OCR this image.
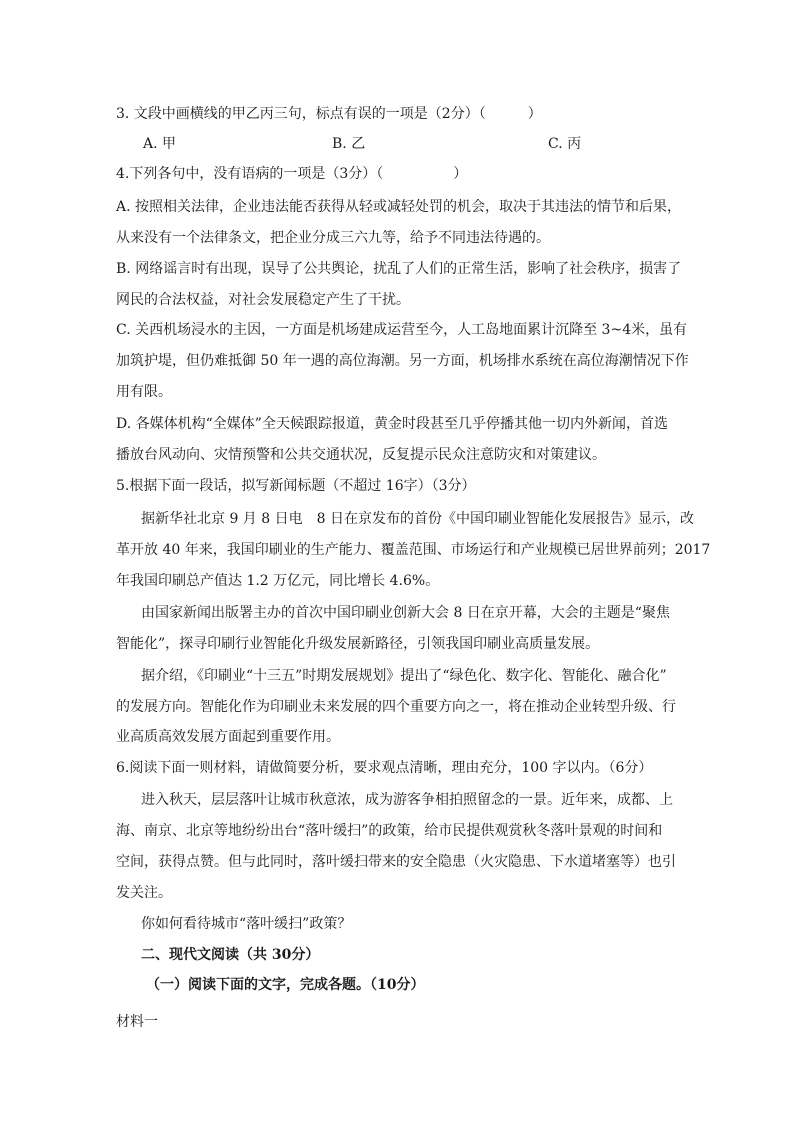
3. 文段中画横线的甲乙丙三句，标点有误的一项是（2分）（　　　）
A. 甲	B. 乙	C. 丙
4.下列各句中，没有语病的一项是（3分）（　　　　　）
A. 按照相关法律，企业违法能否获得从轻或减轻处罚的机会，取决于其违法的情节和后果，
从来没有一个法律条文，把企业分成三六九等，给予不同违法待遇的。
B. 网络谣言时有出现，误导了公共舆论，扰乱了人们的正常生活，影响了社会秩序，损害了
网民的合法权益，对社会发展稳定产生了干扰。
C. 关西机场浸水的主因，一方面是机场建成运营至今，人工岛地面累计沉降至 3~4米，虽有
加筑护堤，但仍难抵御 50 年一遇的高位海潮。另一方面，机场排水系统在高位海潮情况下作
用有限。
D. 各媒体机构“全媒体”全天候跟踪报道，黄金时段甚至几乎停播其他一切内外新闻，首选
播放台风动向、灾情预警和公共交通状况，反复提示民众注意防灾和对策建议。
5.根据下面一段话，拟写新闻标题（不超过 16字）（3分）
据新华社北京 9 月 8 日电　8 日在京发布的首份《中国印刷业智能化发展报告》显示，改
革开放 40 年来，我国印刷业的生产能力、覆盖范围、市场运行和产业规模已居世界前列；2017
年我国印刷总产值达 1.2 万亿元，同比增长 4.6%。
由国家新闻出版署主办的首次中国印刷业创新大会 8 日在京开幕，大会的主题是“聚焦
智能化”，探寻印刷行业智能化升级发展新路径，引领我国印刷业高质量发展。
据介绍，《印刷业“十三五”时期发展规划》提出了“绿色化、数字化、智能化、融合化”
的发展方向。智能化作为印刷业未来发展的四个重要方向之一，将在推动企业转型升级、行
业高质高效发展方面起到重要作用。
6.阅读下面一则材料，请做简要分析，要求观点清晰，理由充分，100 字以内。（6分）
进入秋天，层层落叶让城市秋意浓，成为游客争相拍照留念的一景。近年来，成都、上
海、南京、北京等地纷纷出台“落叶缓扫”的政策，给市民提供观赏秋冬落叶景观的时间和
空间，获得点赞。但与此同时，落叶缓扫带来的安全隐患（火灾隐患、下水道堵塞等）也引
发关注。
你如何看待城市“落叶缓扫”政策？
二、现代文阅读（共 30分）
（一）阅读下面的文字，完成各题。（10分）
材料一
